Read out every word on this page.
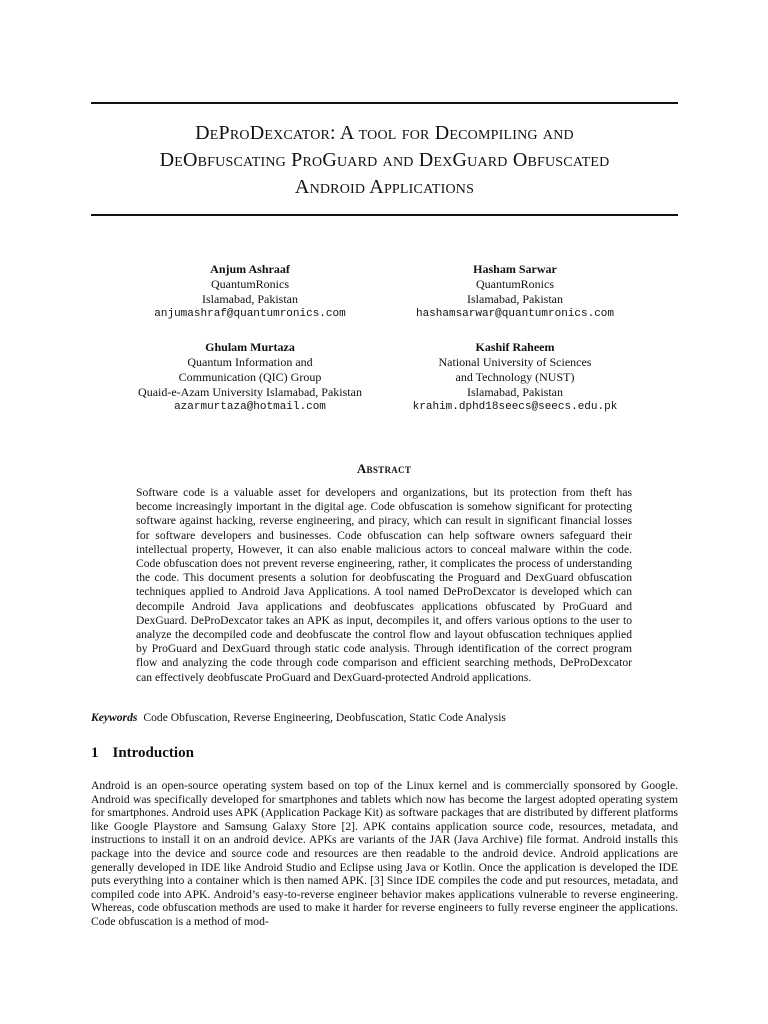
DeProDexcator: A tool for Decompiling and
DeObfuscating ProGuard and DexGuard Obfuscated
Android Applications
Anjum Ashraaf
QuantumRonics
Islamabad, Pakistan
anjumashraf@quantumronics.com
Hasham Sarwar
QuantumRonics
Islamabad, Pakistan
hashamsarwar@quantumronics.com
Ghulam Murtaza
Quantum Information and
Communication (QIC) Group
Quaid-e-Azam University Islamabad, Pakistan
azarmurtaza@hotmail.com
Kashif Raheem
National University of Sciences
and Technology (NUST)
Islamabad, Pakistan
krahim.dphd18seecs@seecs.edu.pk
Abstract
Software code is a valuable asset for developers and organizations, but its protection from theft has become increasingly important in the digital age. Code obfuscation is somehow significant for protecting software against hacking, reverse engineering, and piracy, which can result in significant financial losses for software developers and businesses. Code obfuscation can help software owners safeguard their intellectual property, However, it can also enable malicious actors to conceal malware within the code. Code obfuscation does not prevent reverse engineering, rather, it complicates the process of understanding the code. This document presents a solution for deobfuscating the Proguard and DexGuard obfuscation techniques applied to Android Java Applications. A tool named DeProDexcator is developed which can decompile Android Java applications and deobfuscates applications obfuscated by ProGuard and DexGuard. DeProDexcator takes an APK as input, decompiles it, and offers various options to the user to analyze the decompiled code and deobfuscate the control flow and layout obfuscation techniques applied by ProGuard and DexGuard through static code analysis. Through identification of the correct program flow and analyzing the code through code comparison and efficient searching methods, DeProDexcator can effectively deobfuscate ProGuard and DexGuard-protected Android applications.
Keywords Code Obfuscation, Reverse Engineering, Deobfuscation, Static Code Analysis
1 Introduction
Android is an open-source operating system based on top of the Linux kernel and is commercially sponsored by Google. Android was specifically developed for smartphones and tablets which now has become the largest adopted operating system for smartphones. Android uses APK (Application Package Kit) as software packages that are distributed by different platforms like Google Playstore and Samsung Galaxy Store [2]. APK contains application source code, resources, metadata, and instructions to install it on an android device. APKs are variants of the JAR (Java Archive) file format. Android installs this package into the device and source code and resources are then readable to the android device. Android applications are generally developed in IDE like Android Studio and Eclipse using Java or Kotlin. Once the application is developed the IDE puts everything into a container which is then named APK. [3] Since IDE compiles the code and put resources, metadata, and compiled code into APK. Android’s easy-to-reverse engineer behavior makes applications vulnerable to reverse engineering. Whereas, code obfuscation methods are used to make it harder for reverse engineers to fully reverse engineer the applications. Code obfuscation is a method of mod-
